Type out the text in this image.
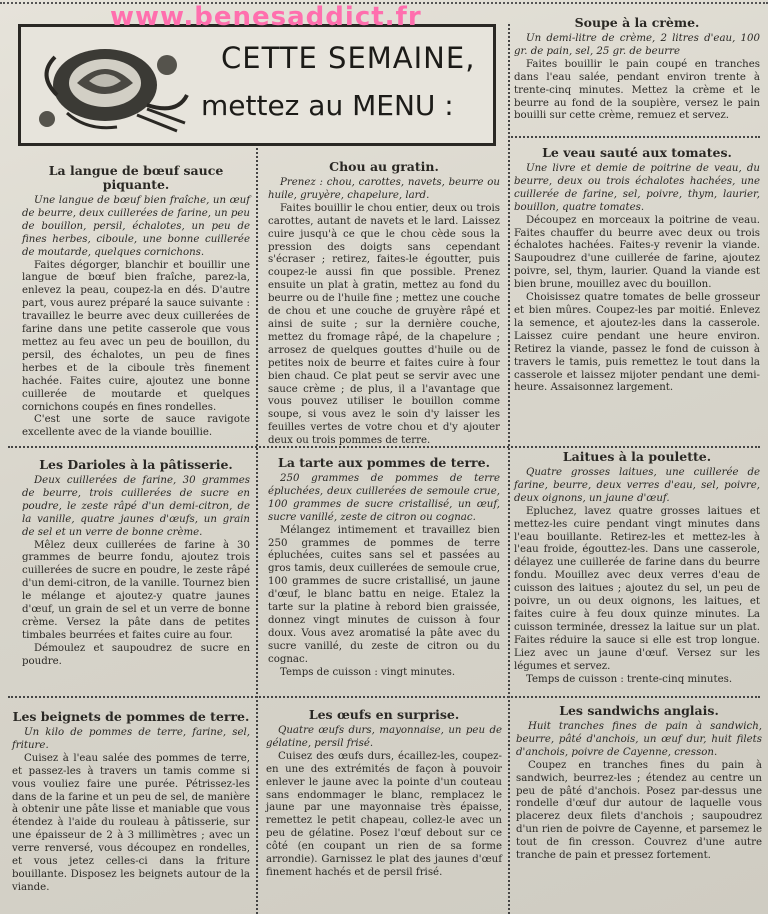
www.benesaddict.fr
CETTE SEMAINE,
mettez au MENU :
Soupe à la crème.

Un demi-litre de crème, 2 litres d'eau, 100 gr. de pain, sel, 25 gr. de beurre

Faites bouillir le pain coupé en tranches dans l'eau salée, pendant environ trente à trente-cinq minutes. Mettez la crème et le beurre au fond de la soupière, versez le pain bouilli sur cette crème, remuez et servez.

La langue de bœuf sauce piquante.

Une langue de bœuf bien fraîche, un œuf de beurre, deux cuillerées de farine, un peu de bouillon, persil, échalotes, un peu de fines herbes, ciboule, une bonne cuillerée de moutarde, quelques cornichons.

Faites dégorger, blanchir et bouillir une langue de bœuf bien fraîche, parez-la, enlevez la peau, coupez-la en dés. D'autre part, vous aurez préparé la sauce suivante : travaillez le beurre avec deux cuillerées de farine dans une petite casserole que vous mettez au feu avec un peu de bouillon, du persil, des échalotes, un peu de fines herbes et de la ciboule très finement hachée. Faites cuire, ajoutez une bonne cuillerée de moutarde et quelques cornichons coupés en fines rondelles.

C'est une sorte de sauce ravigote excellente avec de la viande bouillie.

Chou au gratin.

Prenez : chou, carottes, navets, beurre ou huile, gruyère, chapelure, lard.

Faites bouillir le chou entier, deux ou trois carottes, autant de navets et le lard. Laissez cuire jusqu'à ce que le chou cède sous la pression des doigts sans cependant s'écraser ; retirez, faites-le égoutter, puis coupez-le aussi fin que possible. Prenez ensuite un plat à gratin, mettez au fond du beurre ou de l'huile fine ; mettez une couche de chou et une couche de gruyère râpé et ainsi de suite ; sur la dernière couche, mettez du fromage râpé, de la chapelure ; arrosez de quelques gouttes d'huile ou de petites noix de beurre et faites cuire à four bien chaud. Ce plat peut se servir avec une sauce crème ; de plus, il a l'avantage que vous pouvez utiliser le bouillon comme soupe, si vous avez le soin d'y laisser les feuilles vertes de votre chou et d'y ajouter deux ou trois pommes de terre.

Le veau sauté aux tomates.

Une livre et demie de poitrine de veau, du beurre, deux ou trois échalotes hachées, une cuillerée de farine, sel, poivre, thym, laurier, bouillon, quatre tomates.

Découpez en morceaux la poitrine de veau. Faites chauffer du beurre avec deux ou trois échalotes hachées. Faites-y revenir la viande. Saupoudrez d'une cuillerée de farine, ajoutez poivre, sel, thym, laurier. Quand la viande est bien brune, mouillez avec du bouillon.

Choisissez quatre tomates de belle grosseur et bien mûres. Coupez-les par moitié. Enlevez la semence, et ajoutez-les dans la casserole. Laissez cuire pendant une heure environ. Retirez la viande, passez le fond de cuisson à travers le tamis, puis remettez le tout dans la casserole et laissez mijoter pendant une demi-heure. Assaisonnez largement.

Les Darioles à la pâtisserie.

Deux cuillerées de farine, 30 grammes de beurre, trois cuillerées de sucre en poudre, le zeste râpé d'un demi-citron, de la vanille, quatre jaunes d'œufs, un grain de sel et un verre de bonne crème.

Mêlez deux cuillerées de farine à 30 grammes de beurre fondu, ajoutez trois cuillerées de sucre en poudre, le zeste râpé d'un demi-citron, de la vanille. Tournez bien le mélange et ajoutez-y quatre jaunes d'œuf, un grain de sel et un verre de bonne crème. Versez la pâte dans de petites timbales beurrées et faites cuire au four.

Démoulez et saupoudrez de sucre en poudre.

La tarte aux pommes de terre.

250 grammes de pommes de terre épluchées, deux cuillerées de semoule crue, 100 grammes de sucre cristallisé, un œuf, sucre vanillé, zeste de citron ou cognac.

Mélangez intimement et travaillez bien 250 grammes de pommes de terre épluchées, cuites sans sel et passées au gros tamis, deux cuillerées de semoule crue, 100 grammes de sucre cristallisé, un jaune d'œuf, le blanc battu en neige. Etalez la tarte sur la platine à rebord bien graissée, donnez vingt minutes de cuisson à four doux. Vous avez aromatisé la pâte avec du sucre vanillé, du zeste de citron ou du cognac.

Temps de cuisson : vingt minutes.

Laitues à la poulette.

Quatre grosses laitues, une cuillerée de farine, beurre, deux verres d'eau, sel, poivre, deux oignons, un jaune d'œuf.

Epluchez, lavez quatre grosses laitues et mettez-les cuire pendant vingt minutes dans l'eau bouillante. Retirez-les et mettez-les à l'eau froide, égouttez-les. Dans une casserole, délayez une cuillerée de farine dans du beurre fondu. Mouillez avec deux verres d'eau de cuisson des laitues ; ajoutez du sel, un peu de poivre, un ou deux oignons, les laitues, et faites cuire à feu doux quinze minutes. La cuisson terminée, dressez la laitue sur un plat. Faites réduire la sauce si elle est trop longue. Liez avec un jaune d'œuf. Versez sur les légumes et servez.

Temps de cuisson : trente-cinq minutes.

Les beignets de pommes de terre.

Un kilo de pommes de terre, farine, sel, friture.

Cuisez à l'eau salée des pommes de terre, et passez-les à travers un tamis comme si vous vouliez faire une purée. Pétrissez-les dans de la farine et un peu de sel, de manière à obtenir une pâte lisse et maniable que vous étendez à l'aide du rouleau à pâtisserie, sur une épaisseur de 2 à 3 millimètres ; avec un verre renversé, vous découpez en rondelles, et vous jetez celles-ci dans la friture bouillante. Disposez les beignets autour de la viande.

Les œufs en surprise.

Quatre œufs durs, mayonnaise, un peu de gélatine, persil frisé.

Cuisez des œufs durs, écaillez-les, coupez-en une des extrémités de façon à pouvoir enlever le jaune avec la pointe d'un couteau sans endommager le blanc, remplacez le jaune par une mayonnaise très épaisse, remettez le petit chapeau, collez-le avec un peu de gélatine. Posez l'œuf debout sur ce côté (en coupant un rien de sa forme arrondie). Garnissez le plat des jaunes d'œuf finement hachés et de persil frisé.

Les sandwichs anglais.

Huit tranches fines de pain à sandwich, beurre, pâté d'anchois, un œuf dur, huit filets d'anchois, poivre de Cayenne, cresson.

Coupez en tranches fines du pain à sandwich, beurrez-les ; étendez au centre un peu de pâté d'anchois. Posez par-dessus une rondelle d'œuf dur autour de laquelle vous placerez deux filets d'anchois ; saupoudrez d'un rien de poivre de Cayenne, et parsemez le tout de fin cresson. Couvrez d'une autre tranche de pain et pressez fortement.
